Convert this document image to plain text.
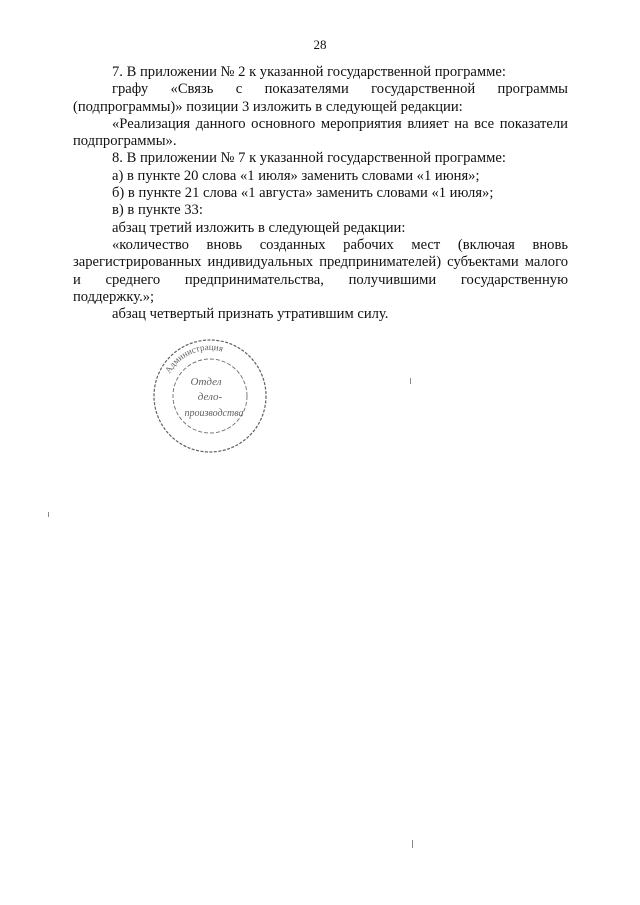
28

7. В приложении № 2 к указанной государственной программе:

графу «Связь с показателями государственной программы (подпрограммы)» позиции 3 изложить в следующей редакции:

«Реализация данного основного мероприятия влияет на все показатели подпрограммы».

8. В приложении № 7 к указанной государственной программе:

а) в пункте 20 слова «1 июля» заменить словами «1 июня»;

б) в пункте 21 слова «1 августа» заменить словами «1 июля»;

в) в пункте 33:

абзац третий изложить в следующей редакции:

«количество вновь созданных рабочих мест (включая вновь зарегистрированных индивидуальных предпринимателей) субъектами малого и среднего предпринимательства, получившими государственную поддержку.»;

абзац четвертый признать утратившим силу.

Администрация
Отдел
дело-
производства
